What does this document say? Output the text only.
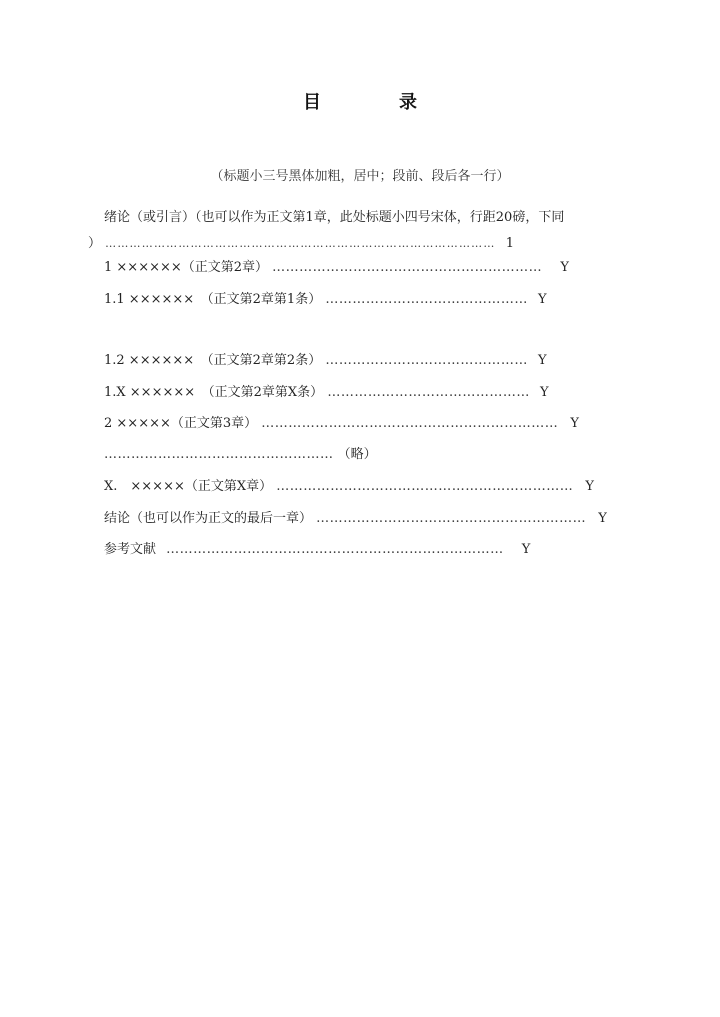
目　录
（标题小三号黑体加粗，居中；段前、段后各一行）
绪论（或引言）（也可以作为正文第1章，此处标题小四号宋体，行距20磅，下同
） …………………………………………………………………………………… 1
1 ××××××（正文第2章） …………………………………………………… Y
1.1 ××××××　（正文第2章第1条） ……………………………………… Y
1.2 ××××××　（正文第2章第2条） ……………………………………… Y
1.X ××××××　（正文第2章第X条） ……………………………………… Y
2 ×××××（正文第3章） ………………………………………………………… Y
…………………………………………… （略）
X.　×××××（正文第X章） ………………………………………………………… Y
结论（也可以作为正文的最后一章） …………………………………………………… Y
参考文献 ………………………………………………………………… Y
